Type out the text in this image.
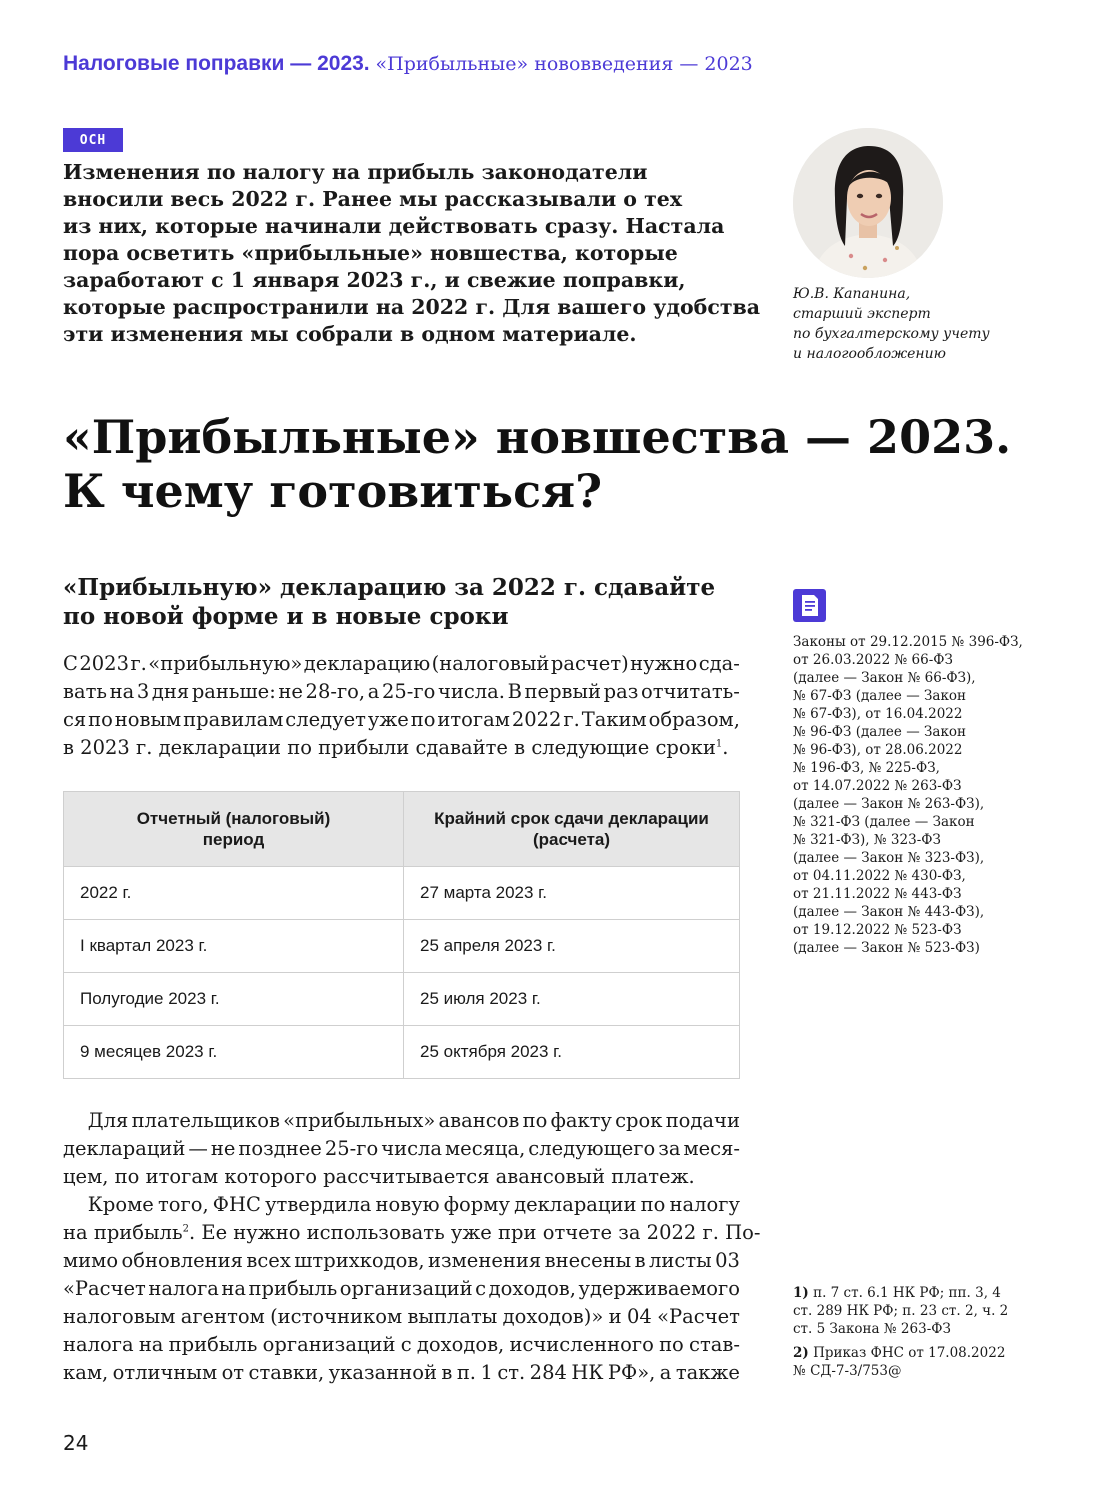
Налоговые поправки — 2023. «Прибыльные» нововведения — 2023
ОСН
Изменения по налогу на прибыль законодатели
вносили весь 2022 г. Ранее мы рассказывали о тех
из них, которые начинали действовать сразу. Настала
пора осветить «прибыльные» новшества, которые
заработают с 1 января 2023 г., и свежие поправки,
которые распространили на 2022 г. Для вашего удобства
эти изменения мы собрали в одном материале.
Ю.В. Капанина,
старший эксперт
по бухгалтерскому учету
и налогообложению
«Прибыльные» новшества — 2023.
К чему готовиться?
«Прибыльную» декларацию за 2022 г. сдавайте
по новой форме и в новые сроки
С 2023 г. «прибыльную» декларацию (налоговый расчет) нужно сда-
вать на 3 дня раньше: не 28-го, а 25-го числа. В первый раз отчитать-
ся по новым правилам следует уже по итогам 2022 г. Таким образом,
в 2023 г. декларации по прибыли сдавайте в следующие сроки$^1$.
Отчетный (налоговый)
период	Крайний срок сдачи декларации
(расчета)
2022 г.	27 марта 2023 г.
I квартал 2023 г.	25 апреля 2023 г.
Полугодие 2023 г.	25 июля 2023 г.
9 месяцев 2023 г.	25 октября 2023 г.
Для плательщиков «прибыльных» авансов по факту срок подачи
деклараций — не позднее 25-го числа месяца, следующего за меся-
цем, по итогам которого рассчитывается авансовый платеж.
Кроме того, ФНС утвердила новую форму декларации по налогу
на прибыль$^2$. Ее нужно использовать уже при отчете за 2022 г. По-
мимо обновления всех штрихкодов, изменения внесены в листы 03
«Расчет налога на прибыль организаций с доходов, удерживаемого
налоговым агентом (источником выплаты доходов)» и 04 «Расчет
налога на прибыль организаций с доходов, исчисленного по став-
кам, отличным от ставки, указанной в п. 1 ст. 284 НК РФ», а также
Законы от 29.12.2015 № 396-ФЗ,
от 26.03.2022 № 66-ФЗ
(далее — Закон № 66-ФЗ),
№ 67-ФЗ (далее — Закон
№ 67-ФЗ), от 16.04.2022
№ 96-ФЗ (далее — Закон
№ 96-ФЗ), от 28.06.2022
№ 196-ФЗ, № 225-ФЗ,
от 14.07.2022 № 263-ФЗ
(далее — Закон № 263-ФЗ),
№ 321-ФЗ (далее — Закон
№ 321-ФЗ), № 323-ФЗ
(далее — Закон № 323-ФЗ),
от 04.11.2022 № 430-ФЗ,
от 21.11.2022 № 443-ФЗ
(далее — Закон № 443-ФЗ),
от 19.12.2022 № 523-ФЗ
(далее — Закон № 523-ФЗ)
1) п. 7 ст. 6.1 НК РФ; пп. 3, 4
ст. 289 НК РФ; п. 23 ст. 2, ч. 2
ст. 5 Закона № 263-ФЗ
2) Приказ ФНС от 17.08.2022
№ СД-7-3/753@
24
